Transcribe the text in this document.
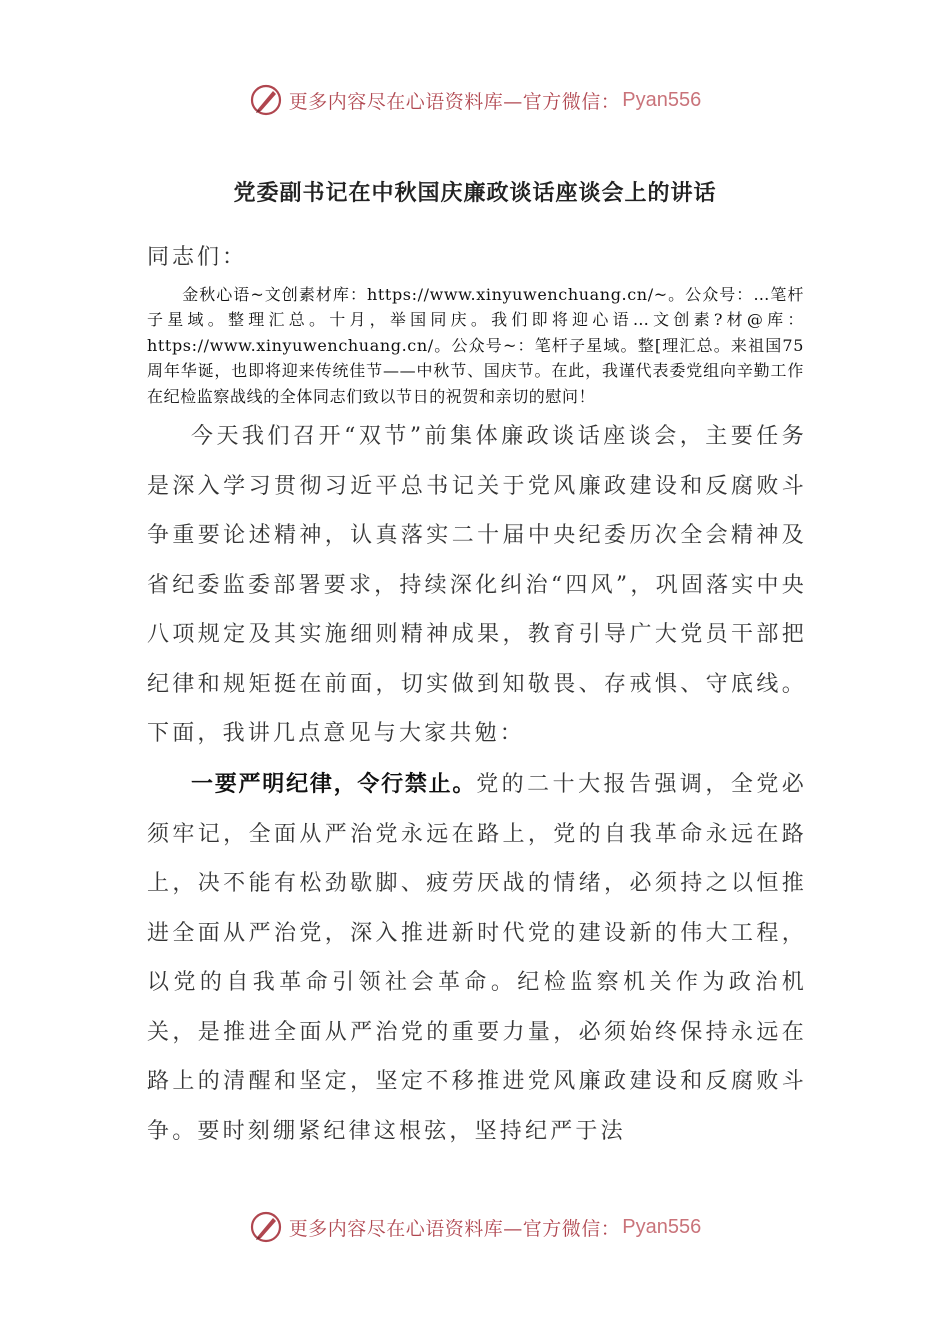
更多内容尽在心语资料库—官方微信： Pyan556
党委副书记在中秋国庆廉政谈话座谈会上的讲话
同志们：

金秋心语~文创素材库：https://www.xinyuwenchuang.cn/~。公众号：…笔杆子星域。整理汇总。十月，举国同庆。我们即将迎心语…文创素?材@库：https://www.xinyuwenchuang.cn/。公众号~：笔杆子星域。整[理汇总。来祖国75周年华诞，也即将迎来传统佳节——中秋节、国庆节。在此，我谨代表委党组向辛勤工作在纪检监察战线的全体同志们致以节日的祝贺和亲切的慰问！

今天我们召开“双节”前集体廉政谈话座谈会，主要任务是深入学习贯彻习近平总书记关于党风廉政建设和反腐败斗争重要论述精神，认真落实二十届中央纪委历次全会精神及省纪委监委部署要求，持续深化纠治“四风”，巩固落实中央八项规定及其实施细则精神成果，教育引导广大党员干部把纪律和规矩挺在前面，切实做到知敬畏、存戒惧、守底线。下面，我讲几点意见与大家共勉：

一要严明纪律，令行禁止。党的二十大报告强调，全党必须牢记，全面从严治党永远在路上，党的自我革命永远在路上，决不能有松劲歇脚、疲劳厌战的情绪，必须持之以恒推进全面从严治党，深入推进新时代党的建设新的伟大工程，以党的自我革命引领社会革命。纪检监察机关作为政治机关，是推进全面从严治党的重要力量，必须始终保持永远在路上的清醒和坚定，坚定不移推进党风廉政建设和反腐败斗争。要时刻绷紧纪律这根弦，坚持纪严于法

更多内容尽在心语资料库—官方微信： Pyan556
